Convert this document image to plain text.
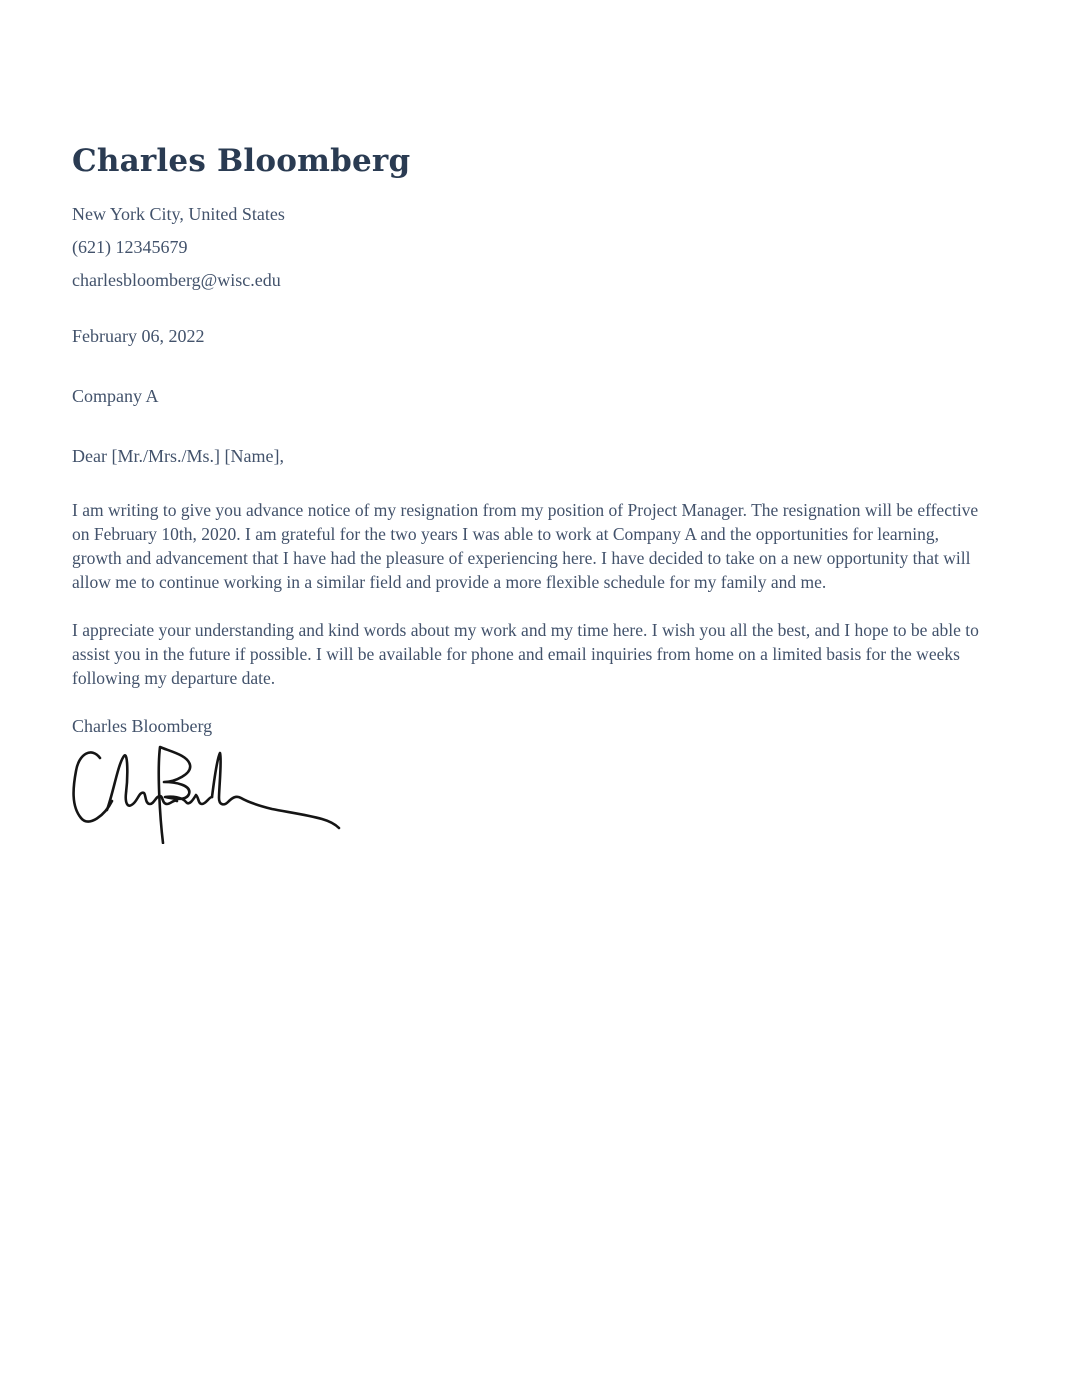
Charles Bloomberg
New York City, United States
(621) 12345679
charlesbloomberg@wisc.edu
February 06, 2022
Company A
Dear [Mr./Mrs./Ms.] [Name],

I am writing to give you advance notice of my resignation from my position of Project Manager. The resignation will be effective on February 10th, 2020. I am grateful for the two years I was able to work at Company A and the opportunities for learning, growth and advancement that I have had the pleasure of experiencing here. I have decided to take on a new opportunity that will allow me to continue working in a similar field and provide a more flexible schedule for my family and me.

I appreciate your understanding and kind words about my work and my time here. I wish you all the best, and I hope to be able to assist you in the future if possible. I will be available for phone and email inquiries from home on a limited basis for the weeks following my departure date.

Charles Bloomberg
